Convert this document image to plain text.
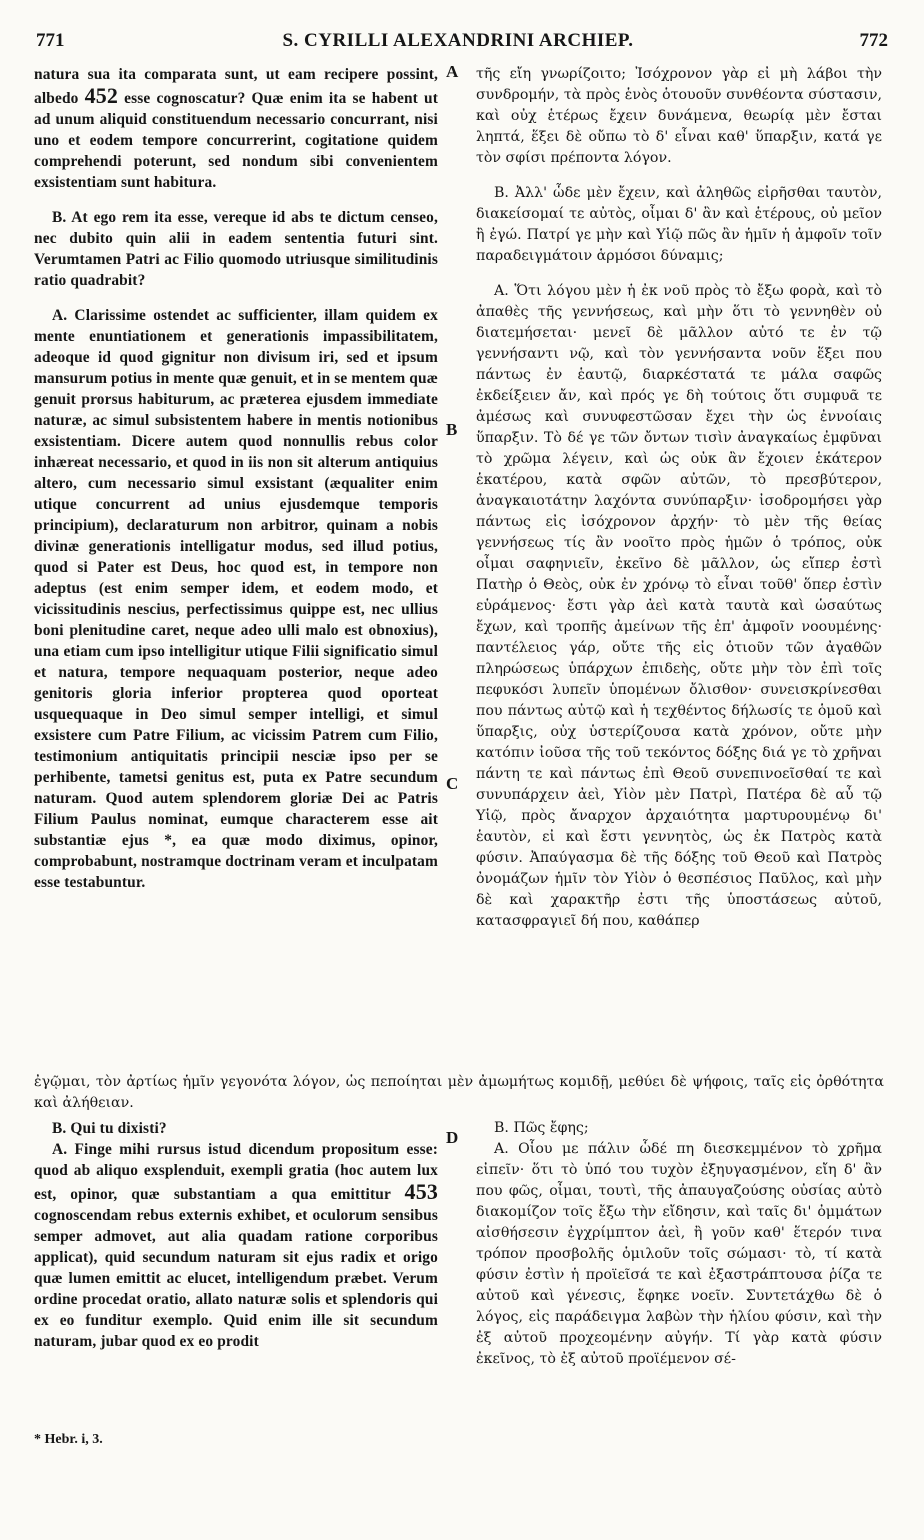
771	S. CYRILLI ALEXANDRINI ARCHIEP.	772
A
B
C
D

natura sua ita comparata sunt, ut eam recipere possint, albedo 452 esse cognoscatur? Quæ enim ita se habent ut ad unum aliquid constituendum necessario concurrant, nisi uno et eodem tempore concurrerint, cogitatione quidem comprehendi poterunt, sed nondum sibi convenientem exsistentiam sunt habitura.

B. At ego rem ita esse, vereque id abs te dictum censeo, nec dubito quin alii in eadem sententia futuri sint. Verumtamen Patri ac Filio quomodo utriusque similitudinis ratio quadrabit?

A. Clarissime ostendet ac sufficienter, illam quidem ex mente enuntiationem et generationis impassibilitatem, adeoque id quod gignitur non divisum iri, sed et ipsum mansurum potius in mente quæ genuit, et in se mentem quæ genuit prorsus habiturum, ac præterea ejusdem immediate naturæ, ac simul subsistentem habere in mentis notionibus exsistentiam. Dicere autem quod nonnullis rebus color inhæreat necessario, et quod in iis non sit alterum antiquius altero, cum necessario simul exsistant (æqualiter enim utique concurrent ad unius ejusdemque temporis principium), declaraturum non arbitror, quinam a nobis divinæ generationis intelligatur modus, sed illud potius, quod si Pater est Deus, hoc quod est, in tempore non adeptus (est enim semper idem, et eodem modo, et vicissitudinis nescius, perfectissimus quippe est, nec ullius boni plenitudine caret, neque adeo ulli malo est obnoxius), una etiam cum ipso intelligitur utique Filii significatio simul et natura, tempore nequaquam posterior, neque adeo genitoris gloria inferior propterea quod oporteat usquequaque in Deo simul semper intelligi, et simul exsistere cum Patre Filium, ac vicissim Patrem cum Filio, testimonium antiquitatis principii nesciæ ipso per se perhibente, tametsi genitus est, puta ex Patre secundum naturam. Quod autem splendorem gloriæ Dei ac Patris Filium Paulus nominat, eumque characterem esse ait substantiæ ejus *, ea quæ modo diximus, opinor, comprobabunt, nostramque doctrinam veram et inculpatam esse testabuntur.

τῆς εἴη γνωρίζοιτο; Ἰσόχρονον γὰρ εἰ μὴ λάβοι τὴν συνδρομήν, τὰ πρὸς ἑνὸς ὁτουοῦν συνθέοντα σύστασιν, καὶ οὐχ ἑτέρως ἔχειν δυνάμενα, θεωρίᾳ μὲν ἔσται ληπτά, ἕξει δὲ οὔπω τὸ δ' εἶναι καθ' ὕπαρξιν, κατά γε τὸν σφίσι πρέποντα λόγον.

B. Ἀλλ' ὧδε μὲν ἔχειν, καὶ ἀληθῶς εἰρῆσθαι ταυτὸν, διακείσομαί τε αὐτὸς, οἶμαι δ' ἂν καὶ ἑτέρους, οὐ μεῖον ἢ ἐγώ. Πατρί γε μὴν καὶ Υἱῷ πῶς ἂν ἡμῖν ἡ ἀμφοῖν τοῖν παραδειγμάτοιν ἁρμόσοι δύναμις;

A. Ὅτι λόγου μὲν ἡ ἐκ νοῦ πρὸς τὸ ἔξω φορὰ, καὶ τὸ ἀπαθὲς τῆς γεννήσεως, καὶ μὴν ὅτι τὸ γεννηθὲν οὐ διατεμήσεται· μενεῖ δὲ μᾶλλον αὐτό τε ἐν τῷ γεννήσαντι νῷ, καὶ τὸν γεννήσαντα νοῦν ἕξει που πάντως ἐν ἑαυτῷ, διαρκέστατά τε μάλα σαφῶς ἐκδείξειεν ἄν, καὶ πρός γε δὴ τούτοις ὅτι συμφυᾶ τε ἀμέσως καὶ συνυφεστῶσαν ἔχει τὴν ὡς ἐννοίαις ὕπαρξιν. Τὸ δέ γε τῶν ὄντων τισὶν ἀναγκαίως ἐμφῦναι τὸ χρῶμα λέγειν, καὶ ὡς οὐκ ἂν ἔχοιεν ἑκάτερον ἑκατέρου, κατὰ σφῶν αὐτῶν, τὸ πρεσβύτερον, ἀναγκαιοτάτην λαχόντα συνύπαρξιν· ἰσοδρομήσει γὰρ πάντως εἰς ἰσόχρονον ἀρχήν· τὸ μὲν τῆς θείας γεννήσεως τίς ἂν νοοῖτο πρὸς ἡμῶν ὁ τρόπος, οὐκ οἶμαι σαφηνιεῖν, ἐκεῖνο δὲ μᾶλλον, ὡς εἴπερ ἐστὶ Πατὴρ ὁ Θεὸς, οὐκ ἐν χρόνῳ τὸ εἶναι τοῦθ' ὅπερ ἐστὶν εὑράμενος· ἔστι γὰρ ἀεὶ κατὰ ταυτὰ καὶ ὡσαύτως ἔχων, καὶ τροπῆς ἀμείνων τῆς ἐπ' ἀμφοῖν νοουμένης· παντέλειος γάρ, οὔτε τῆς εἰς ὁτιοῦν τῶν ἀγαθῶν πληρώσεως ὑπάρχων ἐπιδεὴς, οὔτε μὴν τὸν ἐπὶ τοῖς πεφυκόσι λυπεῖν ὑπομένων ὄλισθον· συνεισκρίνεσθαι που πάντως αὐτῷ καὶ ἡ τεχθέντος δήλωσίς τε ὁμοῦ καὶ ὕπαρξις, οὐχ ὑστερίζουσα κατὰ χρόνον, οὔτε μὴν κατόπιν ἰοῦσα τῆς τοῦ τεκόντος δόξης διά γε τὸ χρῆναι πάντη τε καὶ πάντως ἐπὶ Θεοῦ συνεπινοεῖσθαί τε καὶ συνυπάρχειν ἀεὶ, Υἱὸν μὲν Πατρὶ, Πατέρα δὲ αὖ τῷ Υἱῷ, πρὸς ἄναρχον ἀρχαιότητα μαρτυρουμένῳ δι' ἑαυτὸν, εἰ καὶ ἔστι γεννητὸς, ὡς ἐκ Πατρὸς κατὰ φύσιν. Ἀπαύγασμα δὲ τῆς δόξης τοῦ Θεοῦ καὶ Πατρὸς ὀνομάζων ἡμῖν τὸν Υἱὸν ὁ θεσπέσιος Παῦλος, καὶ μὴν δὲ καὶ χαρακτῆρ ἐστι τῆς ὑποστάσεως αὐτοῦ, κατασφραγιεῖ δή που, καθάπερ

ἐγῷμαι, τὸν ἀρτίως ἡμῖν γεγονότα λόγον, ὡς πεποίηται μὲν ἀμωμήτως κομιδῇ, μεθύει δὲ ψήφοις, ταῖς εἰς ὀρθότητα καὶ ἀλήθειαν.

B. Qui tu dixisti?

A. Finge mihi rursus istud dicendum propositum esse: quod ab aliquo exsplenduit, exempli gratia (hoc autem lux est, opinor, quæ substantiam a qua emittitur 453 cognoscendam rebus externis exhibet, et oculorum sensibus semper admovet, aut alia quadam ratione corporibus applicat), quid secundum naturam sit ejus radix et origo quæ lumen emittit ac elucet, intelligendum præbet. Verum ordine procedat oratio, allato naturæ solis et splendoris qui ex eo funditur exemplo. Quid enim ille sit secundum naturam, jubar quod ex eo prodit

B. Πῶς ἔφης;

A. Οἷου με πάλιν ὧδέ πη διεσκεμμένον τὸ χρῆμα εἰπεῖν· ὅτι τὸ ὑπό του τυχὸν ἐξηυγασμένον, εἴη δ' ἂν που φῶς, οἶμαι, τουτὶ, τῆς ἀπαυγαζούσης οὐσίας αὐτὸ διακομίζον τοῖς ἔξω τὴν εἴδησιν, καὶ ταῖς δι' ὀμμάτων αἰσθήσεσιν ἐγχρίμπτον ἀεὶ, ἢ γοῦν καθ' ἕτερόν τινα τρόπον προσβολῆς ὁμιλοῦν τοῖς σώμασι· τὸ, τί κατὰ φύσιν ἐστὶν ἡ προϊεῖσά τε καὶ ἐξαστράπτουσα ῥίζα τε αὐτοῦ καὶ γένεσις, ἔφηκε νοεῖν. Συντετάχθω δὲ ὁ λόγος, εἰς παράδειγμα λαβὼν τὴν ἡλίου φύσιν, καὶ τὴν ἐξ αὐτοῦ προχεομένην αὐγήν. Τί γὰρ κατὰ φύσιν ἐκεῖνος, τὸ ἐξ αὐτοῦ προϊέμενον σέ-

* Hebr. i, 3.
